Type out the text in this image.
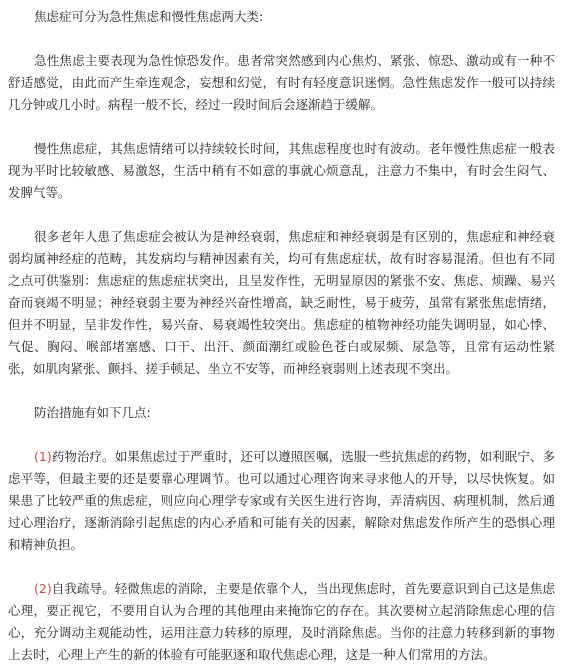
焦虑症可分为急性焦虑和慢性焦虑两大类:

急性焦虑主要表现为急性惊恐发作。患者常突然感到内心焦灼、紧张、惊恐、激动或有一种不舒适感觉，由此而产生牵连观念，妄想和幻觉，有时有轻度意识迷惘。急性焦虑发作一般可以持续几分钟或几小时。病程一般不长，经过一段时间后会逐渐趋于缓解。

慢性焦虑症，其焦虑情绪可以持续较长时间，其焦虑程度也时有波动。老年慢性焦虑症一般表现为平时比较敏感、易激怒，生活中稍有不如意的事就心烦意乱，注意力不集中，有时会生闷气、发脾气等。

很多老年人患了焦虑症会被认为是神经衰弱，焦虑症和神经衰弱是有区别的，焦虑症和神经衰弱均属神经症的范畴，其发病均与精神因素有关，均可有焦虑症状，故有时容易混淆。但也有不同之点可供鉴别：焦虑症的焦虑症状突出，且呈发作性，无明显原因的紧张不安、焦虑、烦躁、易兴奋而衰竭不明显；神经衰弱主要为神经兴奋性增高，缺乏耐性，易于疲劳，虽常有紧张焦虑情绪，但并不明显，呈非发作性，易兴奋、易衰竭性较突出。焦虑症的植物神经功能失调明显，如心悸、气促、胸闷、喉部堵塞感、口干、出汗、颜面潮红或脸色苍白或尿频、尿急等，且常有运动性紧张，如肌肉紧张、颤抖、搓手顿足、坐立不安等，而神经衰弱则上述表现不突出。

防治措施有如下几点:

(1)药物治疗。如果焦虑过于严重时，还可以遵照医嘱，选服一些抗焦虑的药物，如利眠宁、多虑平等，但最主要的还是要靠心理调节。也可以通过心理咨询来寻求他人的开导，以尽快恢复。如果患了比较严重的焦虑症，则应向心理学专家或有关医生进行咨询，弄清病因、病理机制，然后通过心理治疗，逐渐消除引起焦虑的内心矛盾和可能有关的因素，解除对焦虑发作所产生的恐惧心理和精神负担。

(2)自我疏导。轻微焦虑的消除，主要是依靠个人，当出现焦虑时，首先要意识到自己这是焦虑心理，要正视它，不要用自认为合理的其他理由来掩饰它的存在。其次要树立起消除焦虑心理的信心，充分调动主观能动性，运用注意力转移的原理，及时消除焦虑。当你的注意力转移到新的事物上去时，心理上产生的新的体验有可能驱逐和取代焦虑心理，这是一种人们常用的方法。
